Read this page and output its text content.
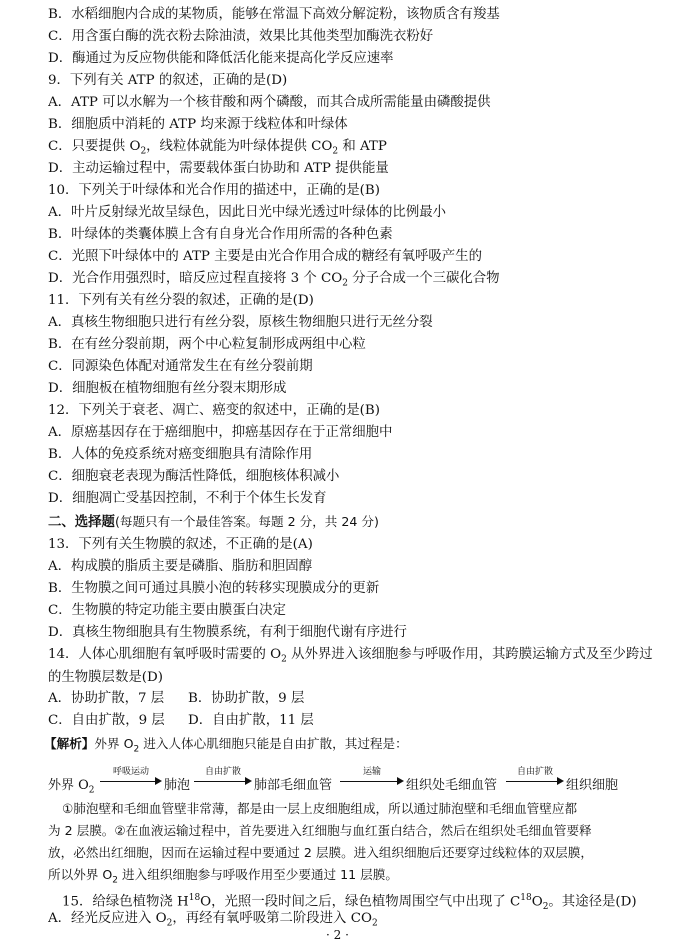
B．水稻细胞内合成的某物质，能够在常温下高效分解淀粉，该物质含有羧基
C．用含蛋白酶的洗衣粉去除油渍，效果比其他类型加酶洗衣粉好
D．酶通过为反应物供能和降低活化能来提高化学反应速率
9．下列有关 ATP 的叙述，正确的是(D)
A．ATP 可以水解为一个核苷酸和两个磷酸，而其合成所需能量由磷酸提供
B．细胞质中消耗的 ATP 均来源于线粒体和叶绿体
C．只要提供 $O_2$，线粒体就能为叶绿体提供 $CO_2$ 和 ATP
D．主动运输过程中，需要载体蛋白协助和 ATP 提供能量
10．下列关于叶绿体和光合作用的描述中，正确的是(B)
A．叶片反射绿光故呈绿色，因此日光中绿光透过叶绿体的比例最小
B．叶绿体的类囊体膜上含有自身光合作用所需的各种色素
C．光照下叶绿体中的 ATP 主要是由光合作用合成的糖经有氧呼吸产生的
D．光合作用强烈时，暗反应过程直接将 3 个 $CO_2$ 分子合成一个三碳化合物
11．下列有关有丝分裂的叙述，正确的是(D)
A．真核生物细胞只进行有丝分裂，原核生物细胞只进行无丝分裂
B．在有丝分裂前期，两个中心粒复制形成两组中心粒
C．同源染色体配对通常发生在有丝分裂前期
D．细胞板在植物细胞有丝分裂末期形成
12．下列关于衰老、凋亡、癌变的叙述中，正确的是(B)
A．原癌基因存在于癌细胞中，抑癌基因存在于正常细胞中
B．人体的免疫系统对癌变细胞具有清除作用
C．细胞衰老表现为酶活性降低，细胞核体积减小
D．细胞凋亡受基因控制，不利于个体生长发育
二、选择题(每题只有一个最佳答案。每题 2 分，共 24 分)
13．下列有关生物膜的叙述，不正确的是(A)
A．构成膜的脂质主要是磷脂、脂肪和胆固醇
B．生物膜之间可通过具膜小泡的转移实现膜成分的更新
C．生物膜的特定功能主要由膜蛋白决定
D．真核生物细胞具有生物膜系统，有利于细胞代谢有序进行
14．人体心肌细胞有氧呼吸时需要的 $O_2$ 从外界进入该细胞参与呼吸作用，其跨膜运输方式及至少跨过的生物膜层数是(D)
A．协助扩散，7 层 B．协助扩散，9 层
C．自由扩散，9 层 D．自由扩散，11 层
【解析】外界 $O_2$ 进入人体心肌细胞只能是自由扩散，其过程是：
外界 $O_2$
呼吸运动
肺泡
自由扩散
肺部毛细血管
运输
组织处毛细血管
自由扩散
组织细胞
①肺泡壁和毛细血管壁非常薄，都是由一层上皮细胞组成，所以通过肺泡壁和毛细血管壁应都
为 2 层膜。②在血液运输过程中，首先要进入红细胞与血红蛋白结合，然后在组织处毛细血管要释
放，必然出红细胞，因而在运输过程中要通过 2 层膜。进入组织细胞后还要穿过线粒体的双层膜，
所以外界 $O_2$ 进入组织细胞参与呼吸作用至少要通过 11 层膜。
15．给绿色植物浇 $H^{18}O$，光照一段时间之后，绿色植物周围空气中出现了 $C^{18}O_2$。其途径是(D)
A．经光反应进入 $O_2$，再经有氧呼吸第二阶段进入 $CO_2$
· 2 ·
